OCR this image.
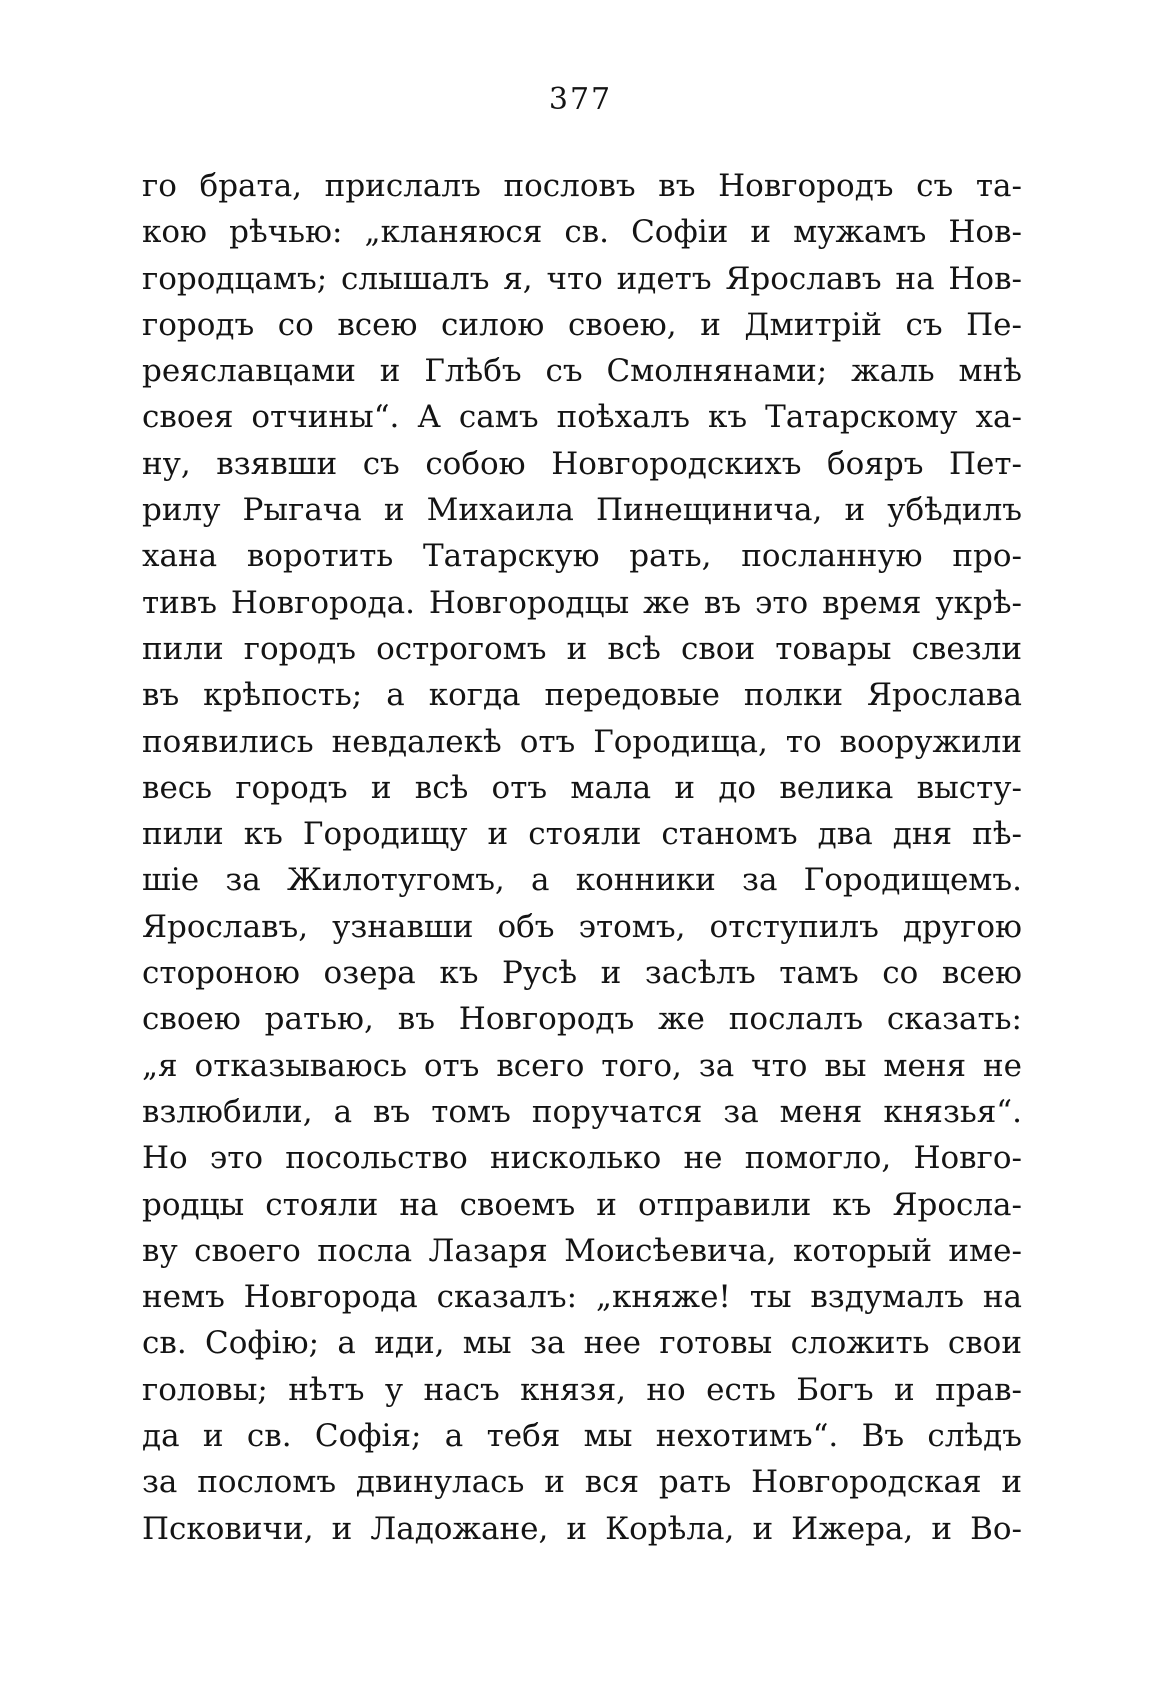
377
го брата, прислалъ пословъ въ Новгородъ съ та-
кою рѣчью: „кланяюся св. Софіи и мужамъ Нов-
городцамъ; слышалъ я, что идетъ Ярославъ на Нов-
городъ со всею силою своею, и Дмитрій съ Пе-
реяславцами и Глѣбъ съ Смолнянами; жаль мнѣ
своея отчины“. А самъ поѣхалъ къ Татарскому ха-
ну, взявши съ собою Новгородскихъ бояръ Пет-
рилу Рыгача и Михаила Пинещинича, и убѣдилъ
хана воротить Татарскую рать, посланную про-
тивъ Новгорода. Новгородцы же въ это время укрѣ-
пили городъ острогомъ и всѣ свои товары свезли
въ крѣпость; а когда передовые полки Ярослава
появились невдалекѣ отъ Городища, то вооружили
весь городъ и всѣ отъ мала и до велика высту-
пили къ Городищу и стояли станомъ два дня пѣ-
шіе за Жилотугомъ, а конники за Городищемъ.
Ярославъ, узнавши объ этомъ, отступилъ другою
стороною озера къ Русѣ и засѣлъ тамъ со всею
своею ратью, въ Новгородъ же послалъ сказать:
„я отказываюсь отъ всего того, за что вы меня не
взлюбили, а въ томъ поручатся за меня князья“.
Но это посольство нисколько не помогло, Новго-
родцы стояли на своемъ и отправили къ Яросла-
ву своего посла Лазаря Моисѣевича, который име-
немъ Новгорода сказалъ: „княже! ты вздумалъ на
св. Софію; а иди, мы за нее готовы сложить свои
головы; нѣтъ у насъ князя, но есть Богъ и прав-
да и св. Софія; а тебя мы нехотимъ“. Въ слѣдъ
за посломъ двинулась и вся рать Новгородская и
Псковичи, и Ладожане, и Корѣла, и Ижера, и Во-
